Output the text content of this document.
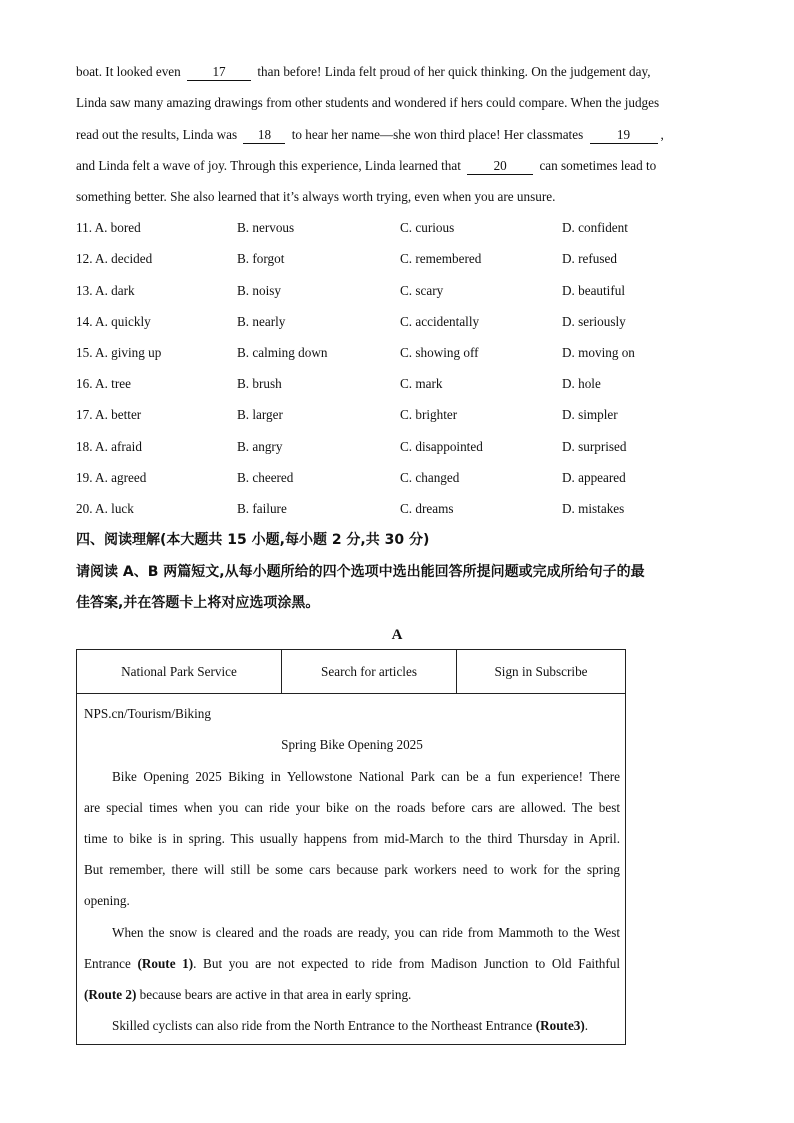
boat. It looked even 17 than before! Linda felt proud of her quick thinking. On the judgement day,
Linda saw many amazing drawings from other students and wondered if hers could compare. When the judges
read out the results, Linda was 18 to hear her name—she won third place! Her classmates	19 ,
and Linda felt a wave of joy. Through this experience, Linda learned that 20 can sometimes lead to
something better. She also learned that it’s always worth trying, even when you are unsure.
11. A. bored	B. nervous	C. curious	D. confident
12. A. decided	B. forgot	C. remembered	D. refused
13. A. dark	B. noisy	C. scary	D. beautiful
14. A. quickly	B. nearly	C. accidentally	D. seriously
15. A. giving up	B. calming down	C. showing off	D. moving on
16. A. tree	B. brush	C. mark	D. hole
17. A. better	B. larger	C. brighter	D. simpler
18. A. afraid	B. angry	C. disappointed	D. surprised
19. A. agreed	B. cheered	C. changed	D. appeared
20. A. luck	B. failure	C. dreams	D. mistakes
四、阅读理解(本大题共 15 小题,每小题 2 分,共 30 分)
请阅读 A、B 两篇短文,从每小题所给的四个选项中选出能回答所提问题或完成所给句子的最
佳答案,并在答题卡上将对应选项涂黑。
A
National Park Service	Search for articles	Sign in Subscribe
NPS.cn/Tourism/Biking
Spring Bike Opening 2025
Bike Opening 2025 Biking in Yellowstone National Park can be a fun experience! There
are special times when you can ride your bike on the roads before cars are allowed. The best
time to bike is in spring. This usually happens from mid-March to the third Thursday in April.
But remember, there will still be some cars because park workers need to work for the spring
opening.
When the snow is cleared and the roads are ready, you can ride from Mammoth to the West
Entrance (Route 1). But you are not expected to ride from Madison Junction to Old Faithful
(Route 2) because bears are active in that area in early spring.
Skilled cyclists can also ride from the North Entrance to the Northeast Entrance (Route3).
